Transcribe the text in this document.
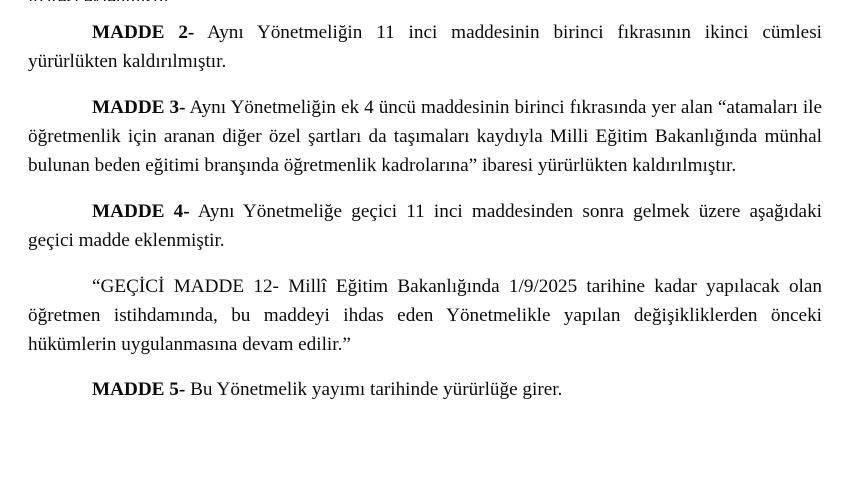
MADDE 2- Aynı Yönetmeliğin 11 inci maddesinin birinci fıkrasının ikinci cümlesi yürürlükten kaldırılmıştır.

MADDE 3- Aynı Yönetmeliğin ek 4 üncü maddesinin birinci fıkrasında yer alan “atamaları ile öğretmenlik için aranan diğer özel şartları da taşımaları kaydıyla Milli Eğitim Bakanlığında münhal bulunan beden eğitimi branşında öğretmenlik kadrolarına” ibaresi yürürlükten kaldırılmıştır.

MADDE 4- Aynı Yönetmeliğe geçici 11 inci maddesinden sonra gelmek üzere aşağıdaki geçici madde eklenmiştir.

“GEÇİCİ MADDE 12- Millî Eğitim Bakanlığında 1/9/2025 tarihine kadar yapılacak olan öğretmen istihdamında, bu maddeyi ihdas eden Yönetmelikle yapılan değişikliklerden önceki hükümlerin uygulanmasına devam edilir.”

MADDE 5- Bu Yönetmelik yayımı tarihinde yürürlüğe girer.
